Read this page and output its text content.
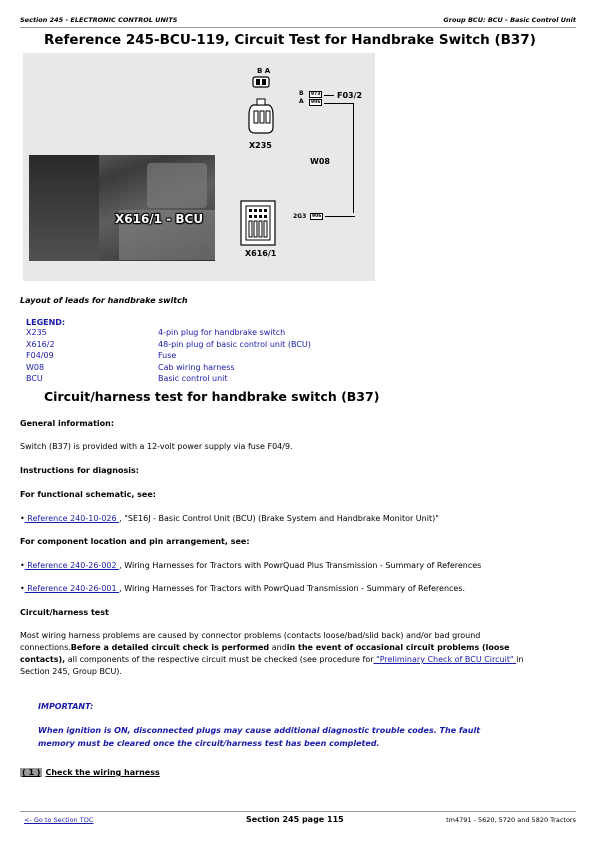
Section 245 - ELECTRONIC CONTROL UNITS	Group BCU: BCU - Basic Control Unit
Reference 245-BCU-119, Circuit Test for Handbrake Switch (B37)
X616/1 - BCU
B A
X235
B
A
973
906
F03/2
W08
X616/1
2G3	906
Layout of leads for handbrake switch
LEGEND:
X235	4-pin plug for handbrake switch
X616/2	48-pin plug of basic control unit (BCU)
F04/09	Fuse
W08	Cab wiring harness
BCU	Basic control unit
Circuit/harness test for handbrake switch (B37)
General information:
Switch (B37) is provided with a 12-volt power supply via fuse F04/9.
Instructions for diagnosis:
For functional schematic, see:
• Reference 240-10-026 , "SE16J - Basic Control Unit (BCU) (Brake System and Handbrake Monitor Unit)"
For component location and pin arrangement, see:
• Reference 240-26-002 , Wiring Harnesses for Tractors with PowrQuad Plus Transmission - Summary of References
• Reference 240-26-001 , Wiring Harnesses for Tractors with PowrQuad Transmission - Summary of References.
Circuit/harness test
Most wiring harness problems are caused by connector problems (contacts loose/bad/slid back) and/or bad ground
connections.Before a detailed circuit check is performed andin the event of occasional circuit problems (loose
contacts), all components of the respective circuit must be checked (see procedure for "Preliminary Check of BCU Circuit" in
Section 245, Group BCU).
IMPORTANT:
When ignition is ON, disconnected plugs may cause additional diagnostic trouble codes. The fault
memory must be cleared once the circuit/harness test has been completed.
( 1 ) Check the wiring harness
<- Go to Section TOC	Section 245 page 115	tm4791 - 5620, 5720 and 5820 Tractors
